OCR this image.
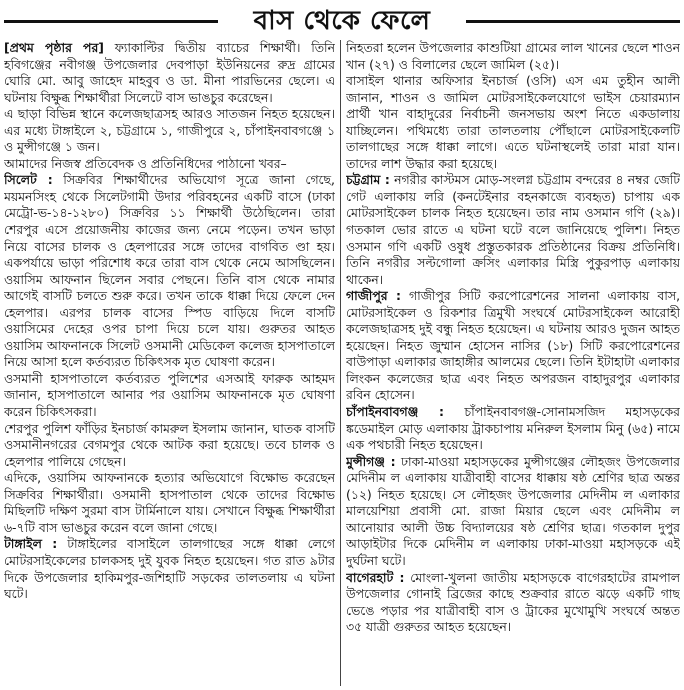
বাস থেকে ফেলে

[প্রথম পৃষ্ঠার পর] ফ্যাকাল্টির দ্বিতীয় ব্যাচের শিক্ষার্থী। তিনি হবিগঞ্জের নবীগঞ্জ উপজেলার দেবপাড়া ইউনিয়নের রুদ্র গ্রামের ঘোরি মো. আবু জাহেদ মাহবুব ও ডা. মীনা পারভিনের ছেলে। এ ঘটনায় বিক্ষুব্ধ শিক্ষার্থীরা সিলেটে বাস ভাঙচুর করেছেন।

এ ছাড়া বিভিন্ন স্থানে কলেজছাত্রসহ আরও সাতজন নিহত হয়েছেন। এর মধ্যে টাঙ্গাইলে ২, চট্টগ্রামে ১, গাজীপুরে ২, চাঁপাইনবাবগঞ্জে ১ ও মুন্সীগঞ্জে ১ জন।

আমাদের নিজস্ব প্রতিবেদক ও প্রতিনিধিদের পাঠানো খবর–

সিলেট : সিক্রবির শিক্ষার্থীদের অভিযোগ সূত্রে জানা গেছে, ময়মনসিংহ থেকে সিলেটগামী উদার পরিবহনের একটি বাসে (ঢাকা মেট্রো-ভ-১৪-১২৮০) সিক্রবির ১১ শিক্ষার্থী উঠেছিলেন। তারা শেরপুর এসে প্রয়োজনীয় কাজের জন্য নেমে পড়েন। তখন ভাড়া নিয়ে বাসের চালক ও হেলপারের সঙ্গে তাদের বাগবিত ণ্ডা হয়। একপর্যায়ে ভাড়া পরিশোধ করে তারা বাস থেকে নেমে আসছিলেন। ওয়াসিম আফনান ছিলেন সবার পেছনে। তিনি বাস থেকে নামার আগেই বাসটি চলতে শুরু করে। তখন তাকে ধাক্কা দিয়ে ফেলে দেন হেলপার। এরপর চালক বাসের স্পিড বাড়িয়ে দিলে বাসটি ওয়াসিমের দেহের ওপর চাপা দিয়ে চলে যায়। গুরুতর আহত ওয়াসিম আফনানকে সিলেট ওসমানী মেডিকেল কলেজ হাসপাতালে নিয়ে আসা হলে কর্তব্যরত চিকিৎসক মৃত ঘোষণা করেন।

ওসমানী হাসপাতালে কর্তব্যরত পুলিশের এসআই ফারুক আহমদ জানান, হাসপাতালে আনার পর ওয়াসিম আফনানকে মৃত ঘোষণা করেন চিকিৎসকরা।

শেরপুর পুলিশ ফাঁড়ির ইনচার্জ কামরুল ইসলাম জানান, ঘাতক বাসটি ওসমানীনগরের বেগমপুর থেকে আটক করা হয়েছে। তবে চালক ও হেলপার পালিয়ে গেছেন।

এদিকে, ওয়াসিম আফনানকে হত্যার অভিযোগে বিক্ষোভ করেছেন সিক্রবির শিক্ষার্থীরা। ওসমানী হাসপাতাল থেকে তাদের বিক্ষোভ মিছিলটি দক্ষিণ সুরমা বাস টার্মিনালে যায়। সেখানে বিক্ষুব্ধ শিক্ষার্থীরা ৬-৭টি বাস ভাঙচুর করেন বলে জানা গেছে।

টাঙ্গাইল : টাঙ্গাইলের বাসাইলে তালগাছের সঙ্গে ধাক্কা লেগে মোটরসাইকেলের চালকসহ দুই যুবক নিহত হয়েছেন। গত রাত ৯টার দিকে উপজেলার হাকিমপুর-জশিহাটি সড়কের তালতলায় এ ঘটনা ঘটে।

নিহতরা হলেন উপজেলার কাশুটিয়া গ্রামের লাল খানের ছেলে শাওন খান (২৭) ও বিলালের ছেলে জামিল (২৫)।

বাসাইল থানার অফিসার ইনচার্জ (ওসি) এস এম তুহীন আলী জানান, শাওন ও জামিল মোটরসাইকেলযোগে ভাইস চেয়ারম্যান প্রার্থী খান বাহাদুরের নির্বাচনী জনসভায় অংশ নিতে একডালায় যাচ্ছিলেন। পথিমধ্যে তারা তালতলায় পৌঁছালে মোটরসাইকেলটি তালগাছের সঙ্গে ধাক্কা লাগে। এতে ঘটনাস্থলেই তারা মারা যান। তাদের লাশ উদ্ধার করা হয়েছে।

চট্টগ্রাম : নগরীর কাস্টমস মোড়-সংলগ্ন চট্টগ্রাম বন্দরের ৪ নম্বর জেটি গেট এলাকায় লরি (কনটেইনার বহনকাজে ব্যবহৃত) চাপায় এক মোটরসাইকেল চালক নিহত হয়েছেন। তার নাম ওসমান গণি (২৯)। গতকাল ভোর রাতে এ ঘটনা ঘটে বলে জানিয়েছে পুলিশ। নিহত ওসমান গণি একটি ওষুধ প্রস্তুতকারক প্রতিষ্ঠানের বিক্রয় প্রতিনিধি। তিনি নগরীর সল্টগোলা ক্রসিং এলাকার মিস্ত্রি পুকুরপাড় এলাকায় থাকেন।

গাজীপুর : গাজীপুর সিটি করপোরেশনের সালনা এলাকায় বাস, মোটরসাইকেল ও রিকশার ত্রিমুখী সংঘর্ষে মোটরসাইকেল আরোহী কলেজছাত্রসহ দুই বন্ধু নিহত হয়েছেন। এ ঘটনায় আরও দুজন আহত হয়েছেন। নিহত জুম্মান হোসেন নাসির (১৮) সিটি করপোরেশনের বাউপাড়া এলাকার জাহাঙ্গীর আলমের ছেলে। তিনি ইটাহাটা এলাকার লিংকন কলেজের ছাত্র এবং নিহত অপরজন বাহাদুরপুর এলাকার রবিন হোসেন।

চাঁপাইনবাবগঞ্জ : চাঁপাইনবাবগঞ্জ-সোনামসজিদ মহাসড়কের ঙ্কডেমাইল মোড় এলাকায় ট্রাকচাপায় মনিরুল ইসলাম মিনু (৬৫) নামে এক পথচারী নিহত হয়েছেন।

মুন্সীগঞ্জ : ঢাকা-মাওয়া মহাসড়কের মুন্সীগঞ্জের লৌহজং উপজেলার মেদিনীম ল এলাকায় যাত্রীবাহী বাসের ধাক্কায় ষষ্ঠ শ্রেণির ছাত্র অন্তর (১২) নিহত হয়েছে। সে লৌহজং উপজেলার মেদিনীম ল এলাকার মালয়েশিয়া প্রবাসী মো. রাজা মিয়ার ছেলে এবং মেদিনীম ল আনোয়ার আলী উচ্চ বিদ্যালয়ের ষষ্ঠ শ্রেণির ছাত্র। গতকাল দুপুর আড়াইটার দিকে মেদিনীম ল এলাকায় ঢাকা-মাওয়া মহাসড়কে এই দুর্ঘটনা ঘটে।

বাগেরহাট : মোংলা-খুলনা জাতীয় মহাসড়কে বাগেরহাটের রামপাল উপজেলার গোনাই ব্রিজের কাছে শুক্রবার রাতে ঝড়ে একটি গাছ ভেঙে পড়ার পর যাত্রীবাহী বাস ও ট্রাকের মুখোমুখি সংঘর্ষে অন্তত ৩৫ যাত্রী গুরুতর আহত হয়েছেন।
